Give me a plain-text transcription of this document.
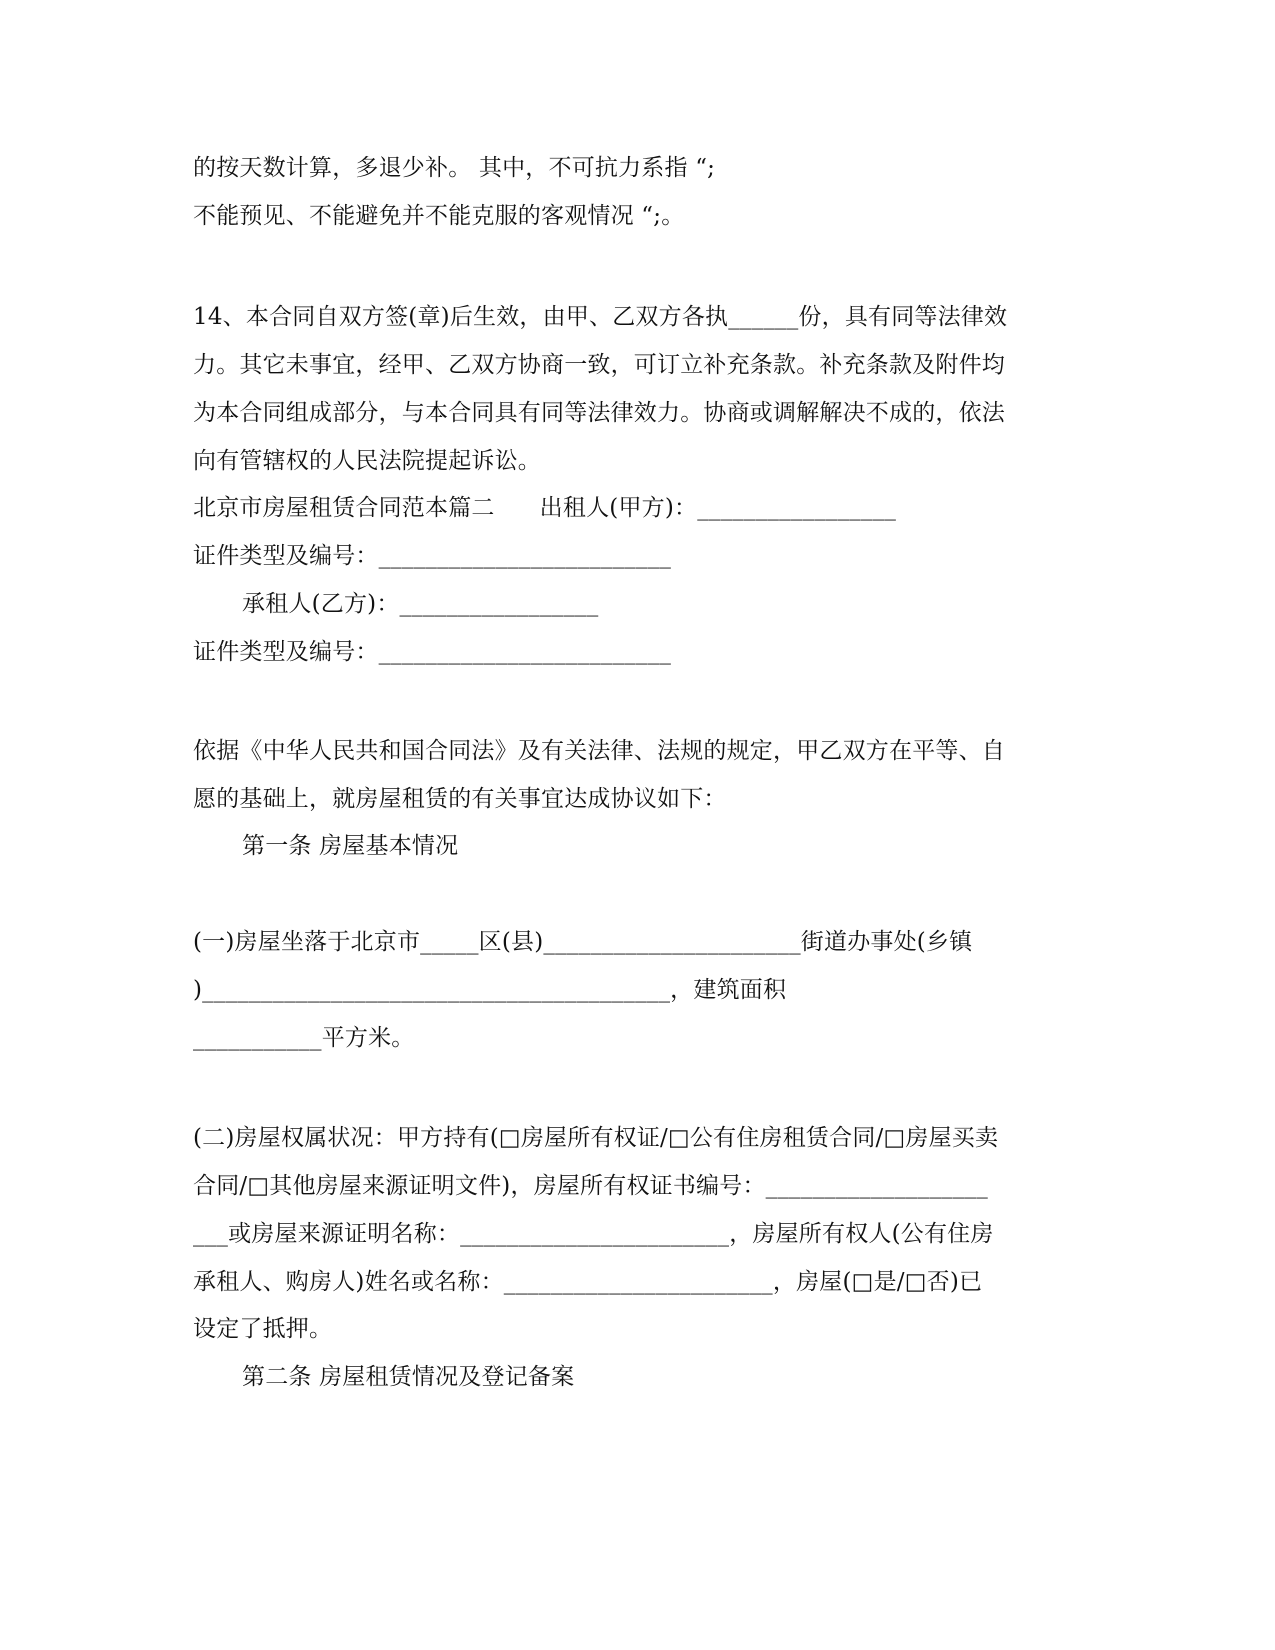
的按天数计算，多退少补。 其中，不可抗力系指 “;
不能预见、不能避免并不能克服的客观情况 “;。
14、本合同自双方签(章)后生效，由甲、乙双方各执______份，具有同等法律效
力。其它未事宜，经甲、乙双方协商一致，可订立补充条款。补充条款及附件均
为本合同组成部分，与本合同具有同等法律效力。协商或调解解决不成的，依法
向有管辖权的人民法院提起诉讼。
北京市房屋租赁合同范本篇二      出租人(甲方)：_________________
证件类型及编号：_________________________
承租人(乙方)：_________________
证件类型及编号：_________________________
依据《中华人民共和国合同法》及有关法律、法规的规定，甲乙双方在平等、自
愿的基础上，就房屋租赁的有关事宜达成协议如下：
第一条 房屋基本情况
(一)房屋坐落于北京市_____区(县)______________________街道办事处(乡镇
)________________________________________，建筑面积
___________平方米。
(二)房屋权属状况：甲方持有(□房屋所有权证/□公有住房租赁合同/□房屋买卖
合同/□其他房屋来源证明文件)，房屋所有权证书编号：___________________
___或房屋来源证明名称：_______________________，房屋所有权人(公有住房
承租人、购房人)姓名或名称：_______________________，房屋(□是/□否)已
设定了抵押。
第二条 房屋租赁情况及登记备案
